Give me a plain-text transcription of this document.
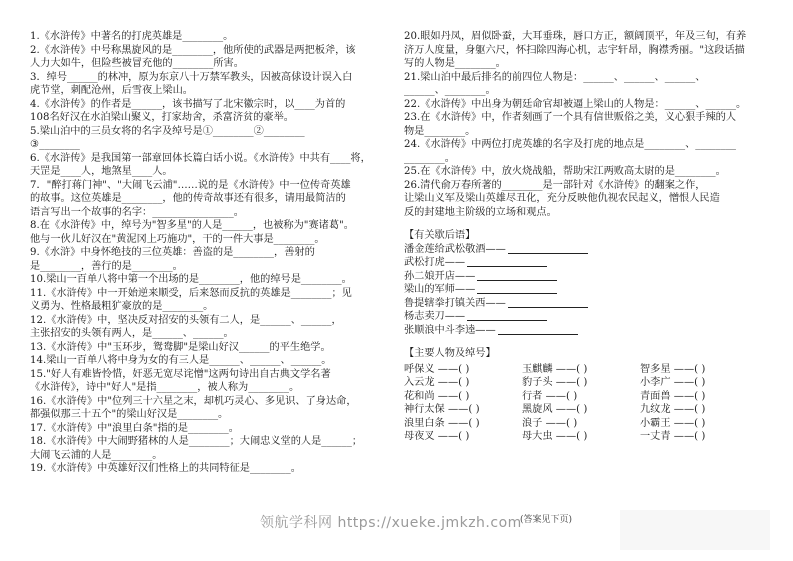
1.《水浒传》中著名的打虎英雄是________。
2.《水浒传》中号称黑旋风的是________，他所使的武器是两把板斧，该
人力大如牛，但险些被冒充他的________所害。
3．绰号______的林冲，原为东京八十万禁军教头，因被高俅设计误入白
虎节堂，刺配沧州，后雪夜上梁山。
4.《水浒传》的作者是______，该书描写了北宋徽宗时，以____为首的
108名好汉在水泊梁山聚义，打家劫舍，杀富济贫的豪举。
5.梁山泊中的三员女将的名字及绰号是①________②________
③________
6.《水浒传》是我国第一部章回体长篇白话小说。《水浒传》中共有____将，
天罡是____人，地煞星____人。
7．"醉打蒋门神"、"大闹飞云浦"……说的是《水浒传》中一位传奇英雄
的故事。这位英雄是________，他的传奇故事还有很多，请用最简洁的
语言写出一个故事的名字：________________。
8.在《水浒传》中，绰号为"智多星"的人是______，也被称为"赛诸葛"。
他与一伙儿好汉在"黄泥冈上巧施功"，干的一件大事是________。
9.《水浒》中身怀绝技的三位英雄：善盗的是________，善射的
是________，善行的是________。
10.梁山一百单八将中第一个出场的是________，他的绰号是________。
11.《水浒传》中一开始逆来顺受，后来怒而反抗的英雄是________；见
义勇为、性格最粗犷豪放的是________。
12.《水浒传》中，坚决反对招安的头领有二人，是______、______，
主张招安的头领有两人，是______、______。
13.《水浒传》中"玉环步，鸳鸯脚"是梁山好汉______的平生绝学。
14.梁山一百单八将中身为女的有三人是______、______、______。
15."好人有难皆怜惜，奸恶无宽尽诧憎"这两句诗出自古典文学名著
《水浒传》，诗中"好人"是指________，被人称为________。
16.《水浒传》中"位列三十六星之末，却机巧灵心、多见识、了身达命，
都强似那三十五个"的梁山好汉是________。
17.《水浒传》中"浪里白条"指的是________。
18.《水浒传》中大闹野猪林的人是________；大闹忠义堂的人是______；
大闹飞云浦的人是________。
19.《水浒传》中英雄好汉们性格上的共同特征是________。
20.眼如丹凤，眉似卧蚕，大耳垂珠，唇口方正，额阔顶平，年及三旬，有养
济万人度量，身躯六尺，怀扫除四海心机，志宇轩昂，胸襟秀丽。"这段话描
写的人物是________。
21.梁山泊中最后排名的前四位人物是：______、______、______、
______、________。
22.《水浒传》中出身为朝廷命官却被逼上梁山的人物是：______、______。
23.在《水浒传》中，作者刻画了一个具有信世贩俗之美，义心狠手辣的人
物是________。
24.《水浒传》中两位打虎英雄的名字及打虎的地点是________、________
________。
25.在《水浒传》中，放火烧战船，帮助宋江两败高太尉的是________。
26.清代俞万春所著的________是一部针对《水浒传》的翻案之作，
让梁山义军及梁山英雄尽丑化，充分反映他仇视农民起义，憎恨人民造
反的封建地主阶级的立场和观点。
【有关歇后语】
潘金莲给武松敬酒——
武松打虎——
孙二娘开店——
梁山的军师——
鲁提辖拳打镇关西——
杨志卖刀——
张顺浪中斗李逵——
【主要人物及绰号】
呼保义 ——( )	玉麒麟 ——( )	智多星 ——( )
入云龙 ——( )	豹子头 ——( )	小李广 ——( )
花和尚 ——( )	行者 ——( )	青面兽 ——( )
神行太保 ——( )	黑旋风 ——( )	九纹龙 ——( )
浪里白条 ——( )	浪子 ——( )	小霸王 ——( )
母夜叉 ——( )	母大虫 ——( )	一丈青 ——( )
(答案见下页)
领航学科网 https://xueke.jmkzh.com
